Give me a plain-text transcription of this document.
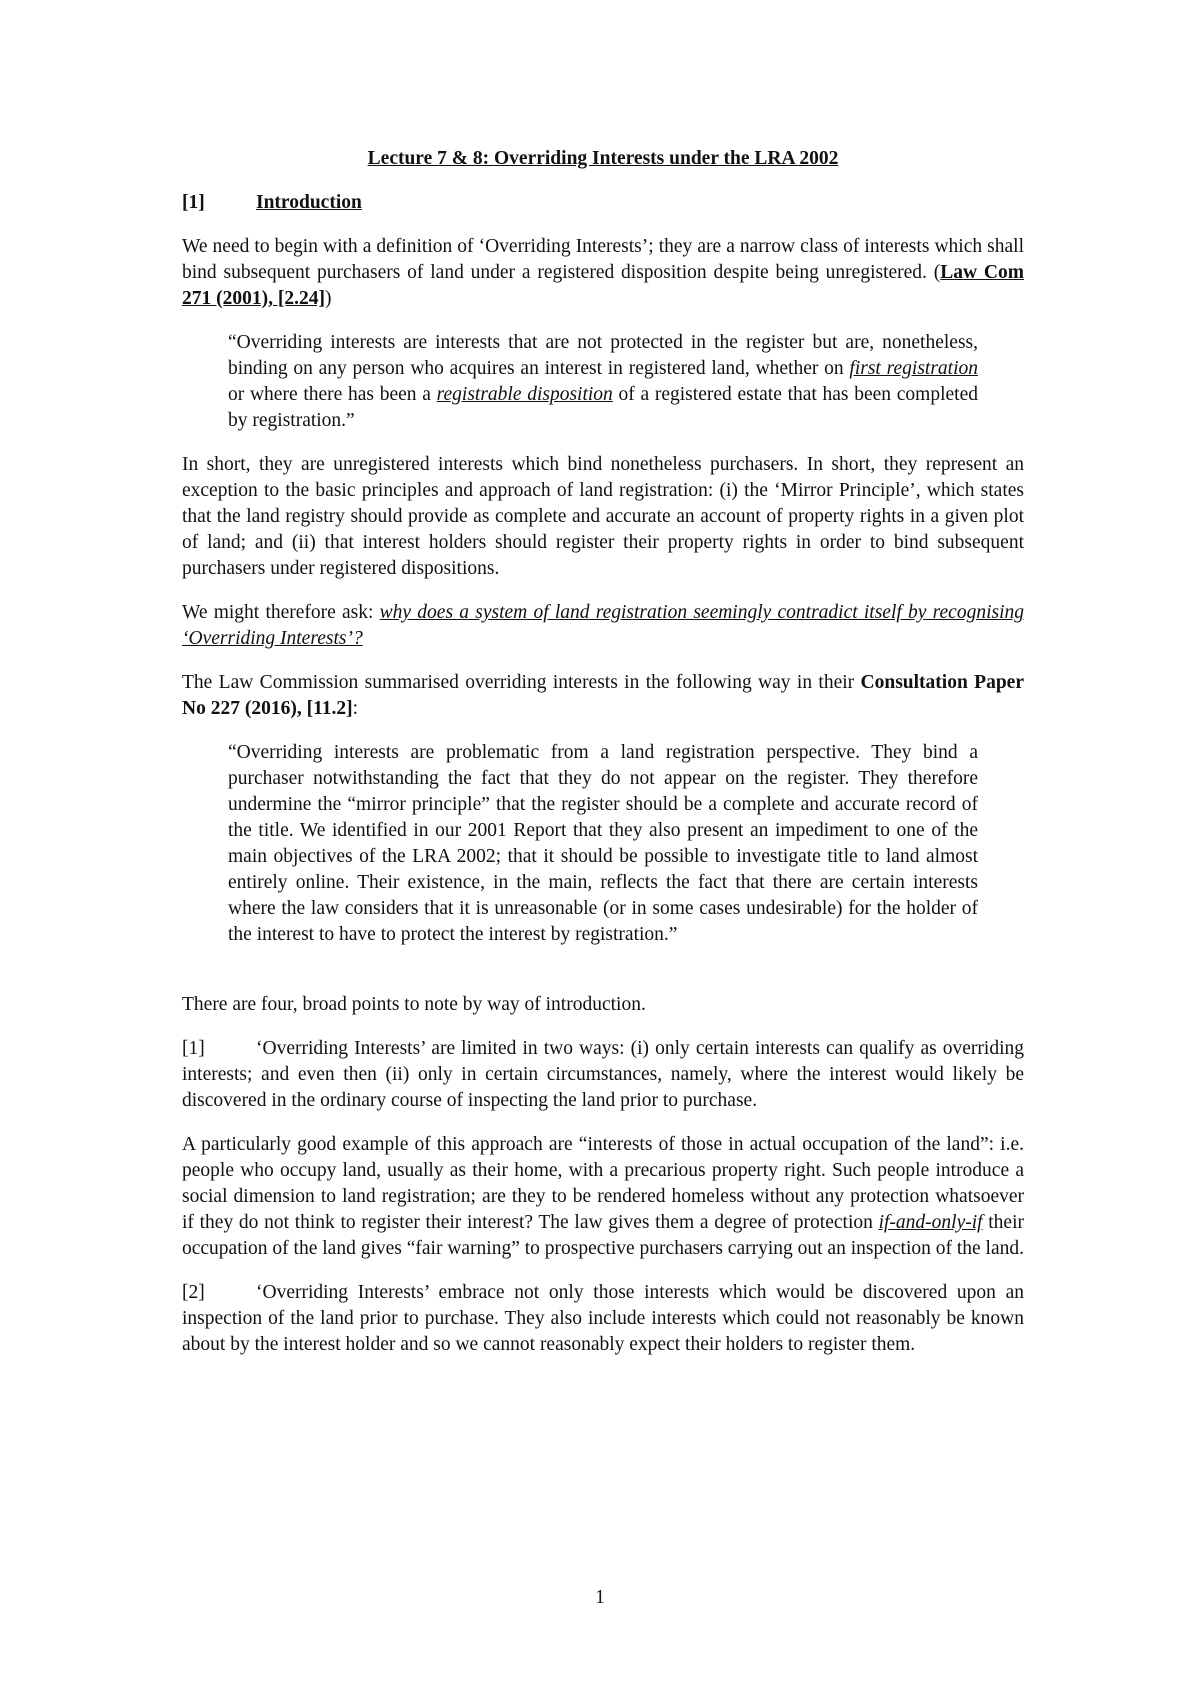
Lecture 7 & 8: Overriding Interests under the LRA 2002
[1]	Introduction

We need to begin with a definition of ‘Overriding Interests’; they are a narrow class of interests which shall bind subsequent purchasers of land under a registered disposition despite being unregistered. (Law Com 271 (2001), [2.24])

“Overriding interests are interests that are not protected in the register but are, nonetheless, binding on any person who acquires an interest in registered land, whether on first registration or where there has been a registrable disposition of a registered estate that has been completed by registration.”

In short, they are unregistered interests which bind nonetheless purchasers. In short, they represent an exception to the basic principles and approach of land registration: (i) the ‘Mirror Principle’, which states that the land registry should provide as complete and accurate an account of property rights in a given plot of land; and (ii) that interest holders should register their property rights in order to bind subsequent purchasers under registered dispositions.

We might therefore ask: why does a system of land registration seemingly contradict itself by recognising ‘Overriding Interests’?

The Law Commission summarised overriding interests in the following way in their Consultation Paper No 227 (2016), [11.2]:

“Overriding interests are problematic from a land registration perspective. They bind a purchaser notwithstanding the fact that they do not appear on the register. They therefore undermine the “mirror principle” that the register should be a complete and accurate record of the title. We identified in our 2001 Report that they also present an impediment to one of the main objectives of the LRA 2002; that it should be possible to investigate title to land almost entirely online. Their existence, in the main, reflects the fact that there are certain interests where the law considers that it is unreasonable (or in some cases undesirable) for the holder of the interest to have to protect the interest by registration.”

There are four, broad points to note by way of introduction.

[1]	‘Overriding Interests’ are limited in two ways: (i) only certain interests can qualify as overriding interests; and even then (ii) only in certain circumstances, namely, where the interest would likely be discovered in the ordinary course of inspecting the land prior to purchase.

A particularly good example of this approach are “interests of those in actual occupation of the land”: i.e. people who occupy land, usually as their home, with a precarious property right. Such people introduce a social dimension to land registration; are they to be rendered homeless without any protection whatsoever if they do not think to register their interest? The law gives them a degree of protection if-and-only-if their occupation of the land gives “fair warning” to prospective purchasers carrying out an inspection of the land.

[2]	‘Overriding Interests’ embrace not only those interests which would be discovered upon an inspection of the land prior to purchase. They also include interests which could not reasonably be known about by the interest holder and so we cannot reasonably expect their holders to register them.

1
